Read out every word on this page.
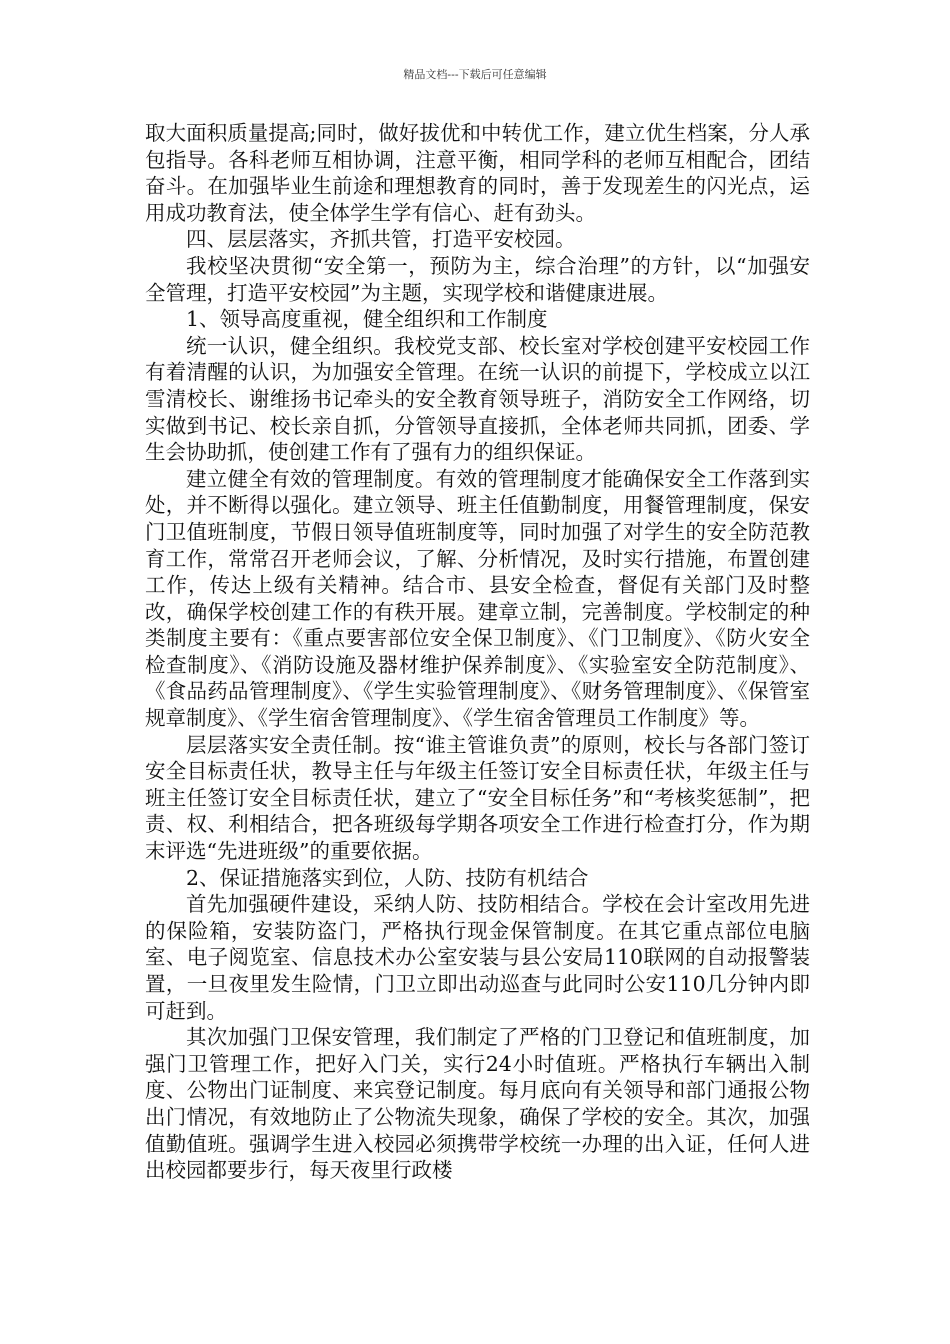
精品文档---下载后可任意编辑

取大面积质量提高;同时，做好拔优和中转优工作，建立优生档案，分人承包指导。各科老师互相协调，注意平衡，相同学科的老师互相配合，团结奋斗。在加强毕业生前途和理想教育的同时，善于发现差生的闪光点，运用成功教育法，使全体学生学有信心、赶有劲头。

四、层层落实，齐抓共管，打造平安校园。

我校坚决贯彻“安全第一，预防为主，综合治理”的方针，以“加强安全管理，打造平安校园”为主题，实现学校和谐健康进展。

1、领导高度重视，健全组织和工作制度

统一认识，健全组织。我校党支部、校长室对学校创建平安校园工作有着清醒的认识，为加强安全管理。在统一认识的前提下，学校成立以江雪清校长、谢维扬书记牵头的安全教育领导班子，消防安全工作网络，切实做到书记、校长亲自抓，分管领导直接抓，全体老师共同抓，团委、学生会协助抓，使创建工作有了强有力的组织保证。

建立健全有效的管理制度。有效的管理制度才能确保安全工作落到实处，并不断得以强化。建立领导、班主任值勤制度，用餐管理制度，保安门卫值班制度，节假日领导值班制度等，同时加强了对学生的安全防范教育工作，常常召开老师会议，了解、分析情况，及时实行措施，布置创建工作，传达上级有关精神。结合市、县安全检查，督促有关部门及时整改，确保学校创建工作的有秩开展。建章立制，完善制度。学校制定的种类制度主要有：《重点要害部位安全保卫制度》、《门卫制度》、《防火安全检查制度》、《消防设施及器材维护保养制度》、《实验室安全防范制度》、《食品药品管理制度》、《学生实验管理制度》、《财务管理制度》、《保管室规章制度》、《学生宿舍管理制度》、《学生宿舍管理员工作制度》等。

层层落实安全责任制。按“谁主管谁负责”的原则，校长与各部门签订安全目标责任状，教导主任与年级主任签订安全目标责任状，年级主任与班主任签订安全目标责任状，建立了“安全目标任务”和“考核奖惩制”，把责、权、利相结合，把各班级每学期各项安全工作进行检查打分，作为期末评选“先进班级”的重要依据。

2、保证措施落实到位，人防、技防有机结合

首先加强硬件建设，采纳人防、技防相结合。学校在会计室改用先进的保险箱，安装防盗门，严格执行现金保管制度。在其它重点部位电脑室、电子阅览室、信息技术办公室安装与县公安局110联网的自动报警装置，一旦夜里发生险情，门卫立即出动巡查与此同时公安110几分钟内即可赶到。

其次加强门卫保安管理，我们制定了严格的门卫登记和值班制度，加强门卫管理工作，把好入门关，实行24小时值班。严格执行车辆出入制度、公物出门证制度、来宾登记制度。每月底向有关领导和部门通报公物出门情况，有效地防止了公物流失现象，确保了学校的安全。其次，加强值勤值班。强调学生进入校园必须携带学校统一办理的出入证，任何人进出校园都要步行，每天夜里行政楼
